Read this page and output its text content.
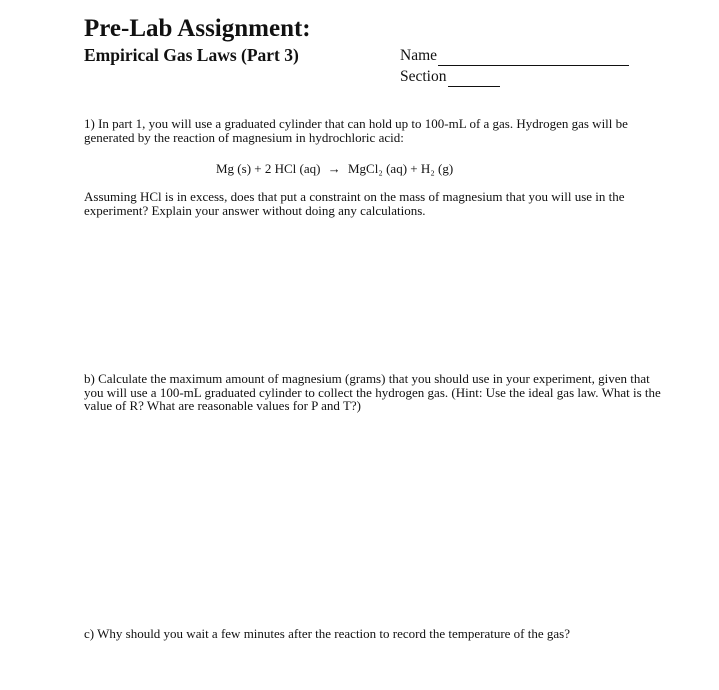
Pre-Lab Assignment:
Empirical Gas Laws (Part 3)	Name
Section
1) In part 1, you will use a graduated cylinder that can hold up to 100-mL of a gas. Hydrogen gas will be generated by the reaction of magnesium in hydrochloric acid:
Mg (s) + 2 HCl (aq) → MgCl₂ (aq) + H₂ (g)
Assuming HCl is in excess, does that put a constraint on the mass of magnesium that you will use in the experiment? Explain your answer without doing any calculations.
b) Calculate the maximum amount of magnesium (grams) that you should use in your experiment, given that you will use a 100-mL graduated cylinder to collect the hydrogen gas. (Hint: Use the ideal gas law. What is the value of R? What are reasonable values for P and T?)
c) Why should you wait a few minutes after the reaction to record the temperature of the gas?
